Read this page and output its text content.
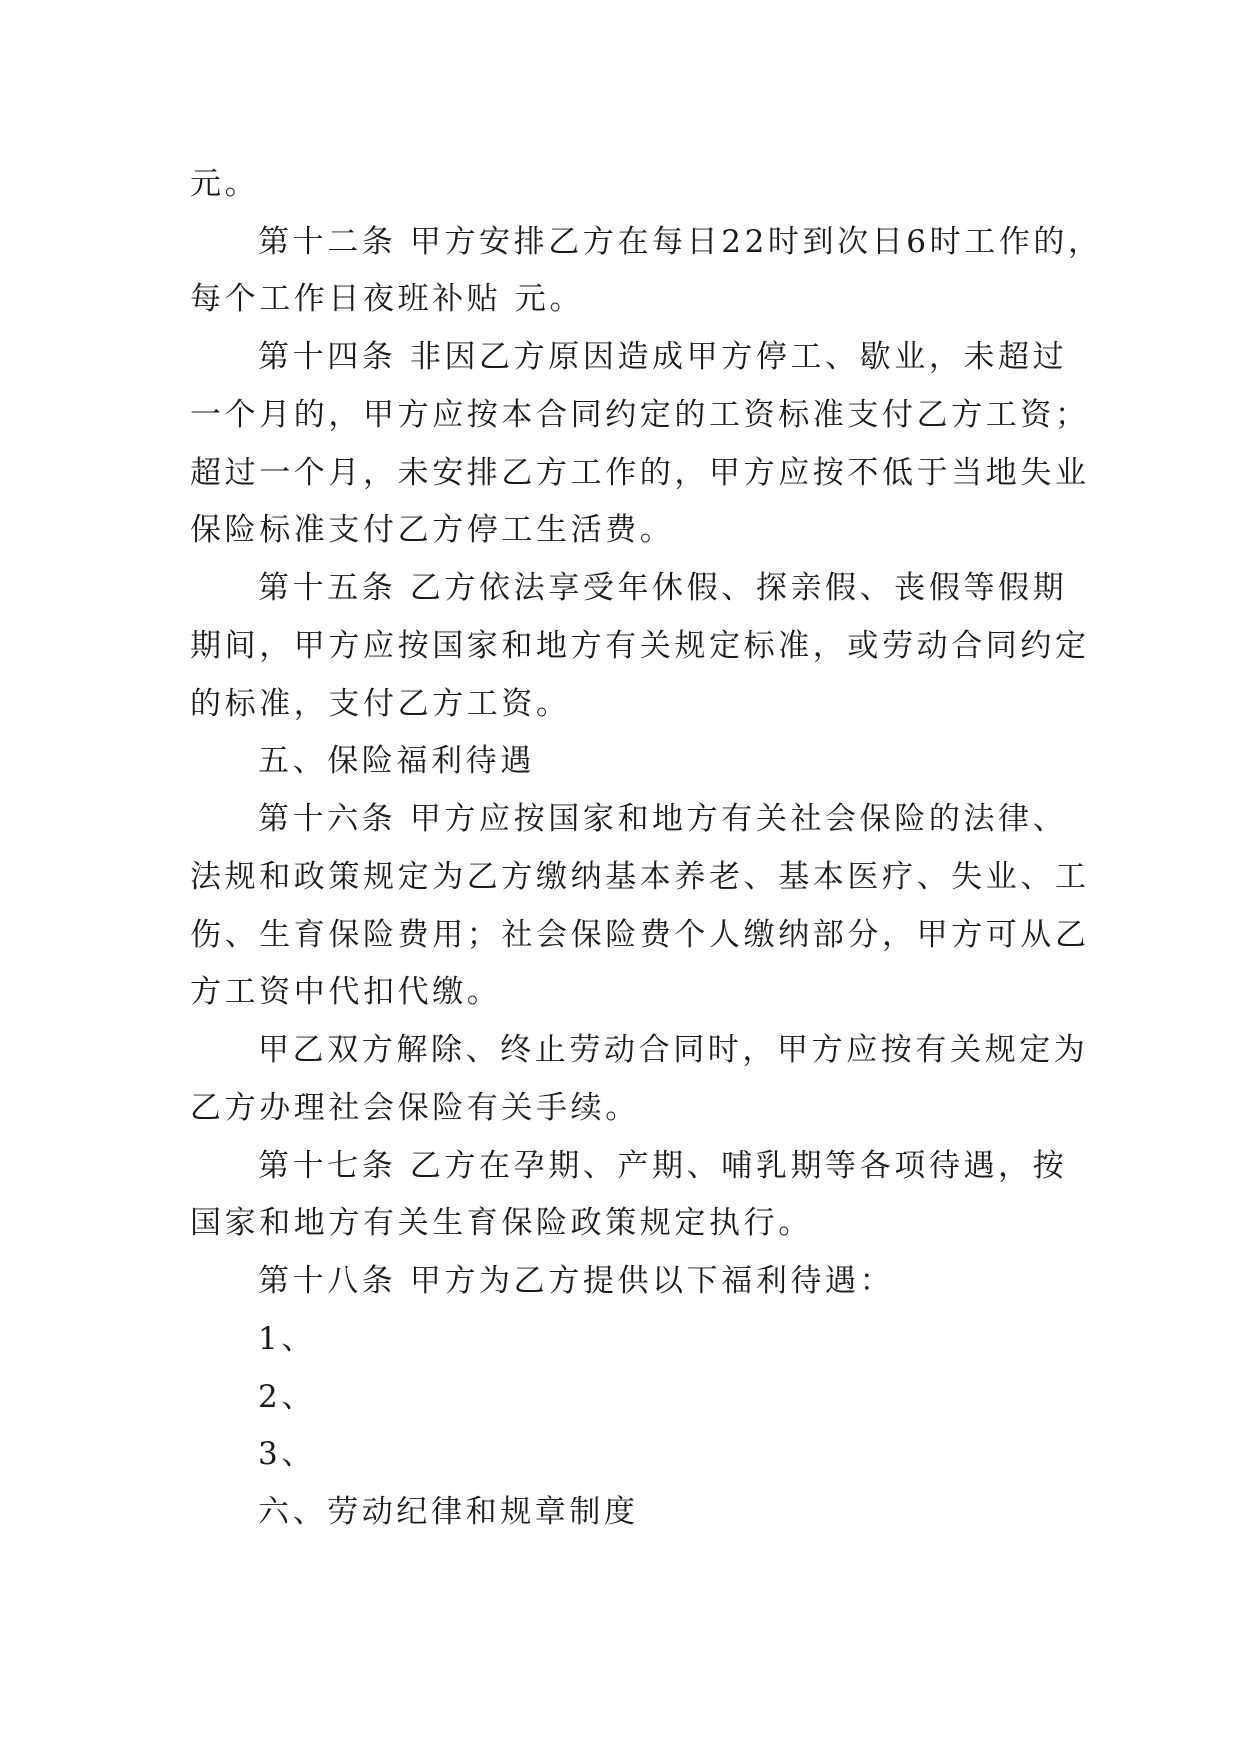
元。
第十二条 甲方安排乙方在每日22时到次日6时工作的，
每个工作日夜班补贴 元。
第十四条 非因乙方原因造成甲方停工、歇业，未超过
一个月的，甲方应按本合同约定的工资标准支付乙方工资；
超过一个月，未安排乙方工作的，甲方应按不低于当地失业
保险标准支付乙方停工生活费。
第十五条 乙方依法享受年休假、探亲假、丧假等假期
期间，甲方应按国家和地方有关规定标准，或劳动合同约定
的标准，支付乙方工资。
五、保险福利待遇
第十六条 甲方应按国家和地方有关社会保险的法律、
法规和政策规定为乙方缴纳基本养老、基本医疗、失业、工
伤、生育保险费用；社会保险费个人缴纳部分，甲方可从乙
方工资中代扣代缴。
甲乙双方解除、终止劳动合同时，甲方应按有关规定为
乙方办理社会保险有关手续。
第十七条 乙方在孕期、产期、哺乳期等各项待遇，按
国家和地方有关生育保险政策规定执行。
第十八条 甲方为乙方提供以下福利待遇：
1、
2、
3、
六、劳动纪律和规章制度
